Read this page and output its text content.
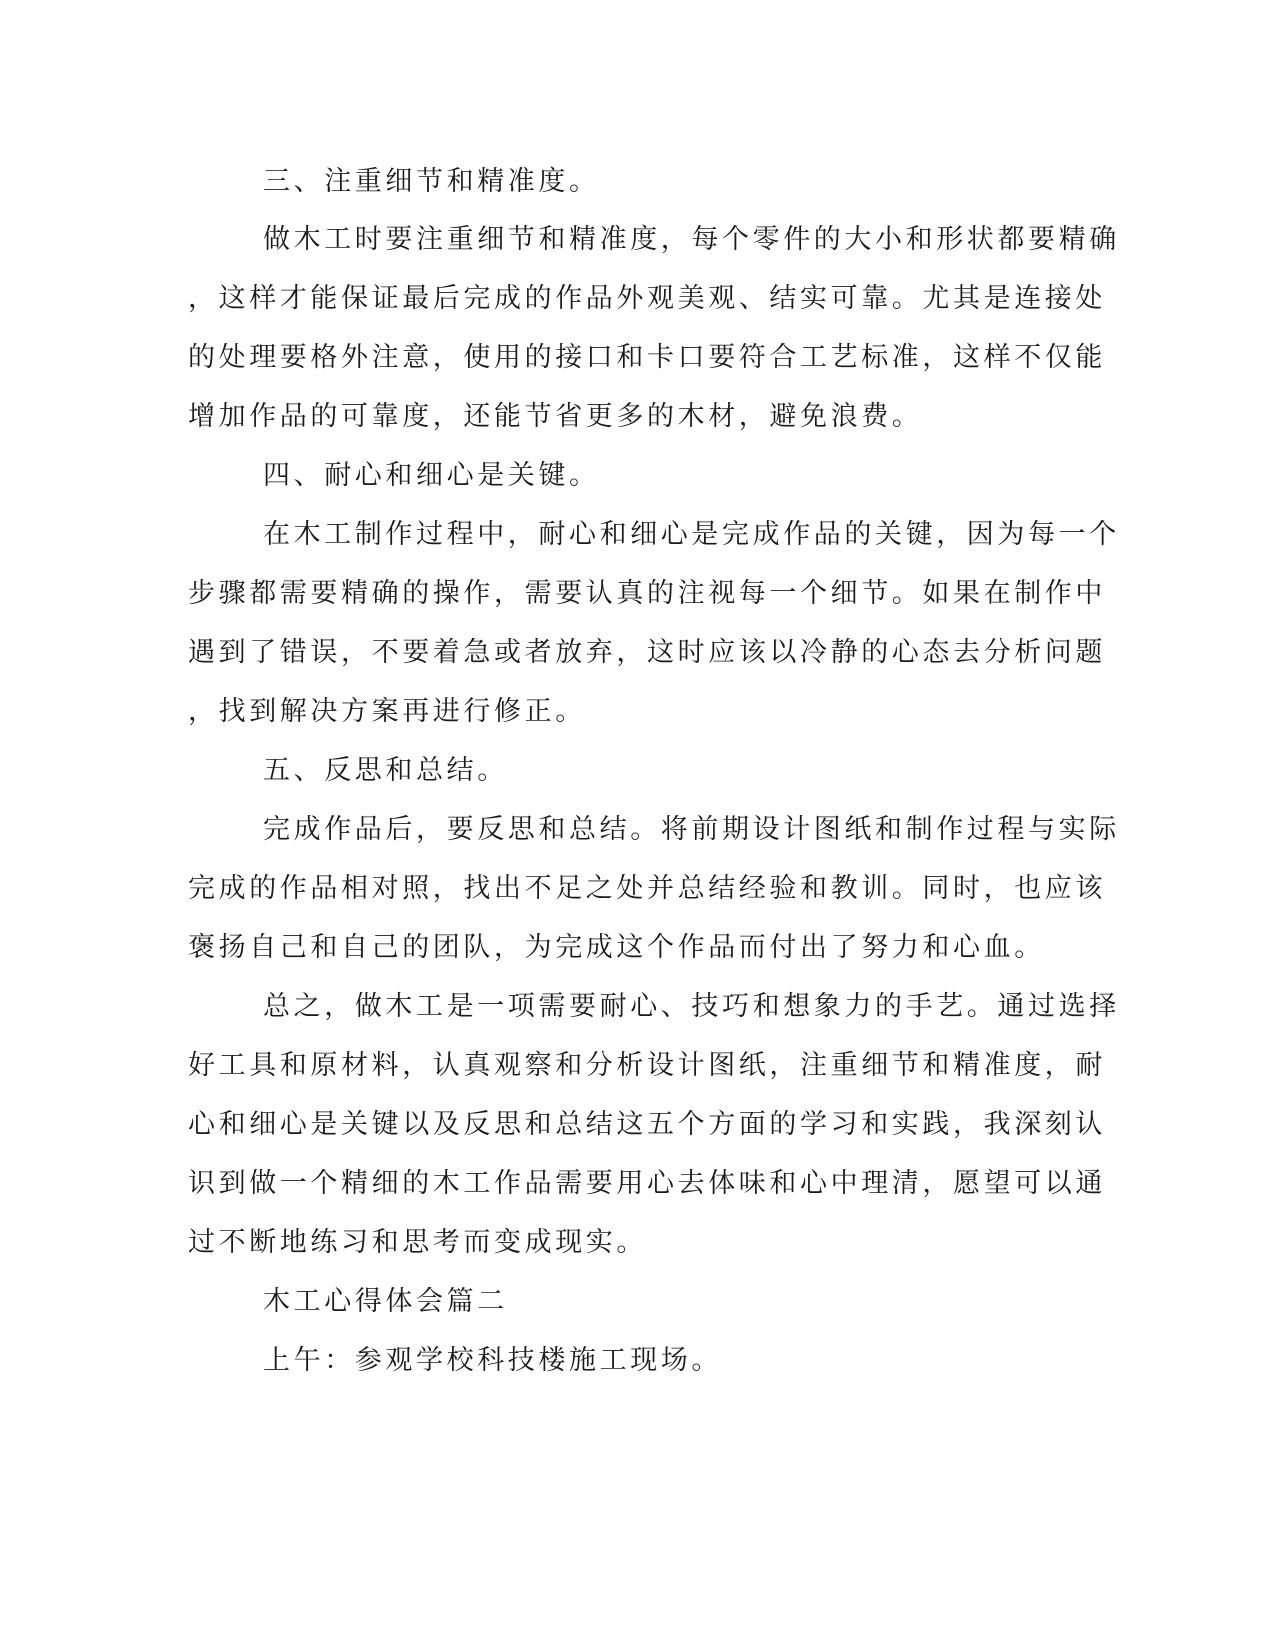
三、注重细节和精准度。
做木工时要注重细节和精准度，每个零件的大小和形状都要精确
，这样才能保证最后完成的作品外观美观、结实可靠。尤其是连接处
的处理要格外注意，使用的接口和卡口要符合工艺标准，这样不仅能
增加作品的可靠度，还能节省更多的木材，避免浪费。
四、耐心和细心是关键。
在木工制作过程中，耐心和细心是完成作品的关键，因为每一个
步骤都需要精确的操作，需要认真的注视每一个细节。如果在制作中
遇到了错误，不要着急或者放弃，这时应该以冷静的心态去分析问题
，找到解决方案再进行修正。
五、反思和总结。
完成作品后，要反思和总结。将前期设计图纸和制作过程与实际
完成的作品相对照，找出不足之处并总结经验和教训。同时，也应该
褒扬自己和自己的团队，为完成这个作品而付出了努力和心血。
总之，做木工是一项需要耐心、技巧和想象力的手艺。通过选择
好工具和原材料，认真观察和分析设计图纸，注重细节和精准度，耐
心和细心是关键以及反思和总结这五个方面的学习和实践，我深刻认
识到做一个精细的木工作品需要用心去体味和心中理清，愿望可以通
过不断地练习和思考而变成现实。
木工心得体会篇二
上午：参观学校科技楼施工现场。
